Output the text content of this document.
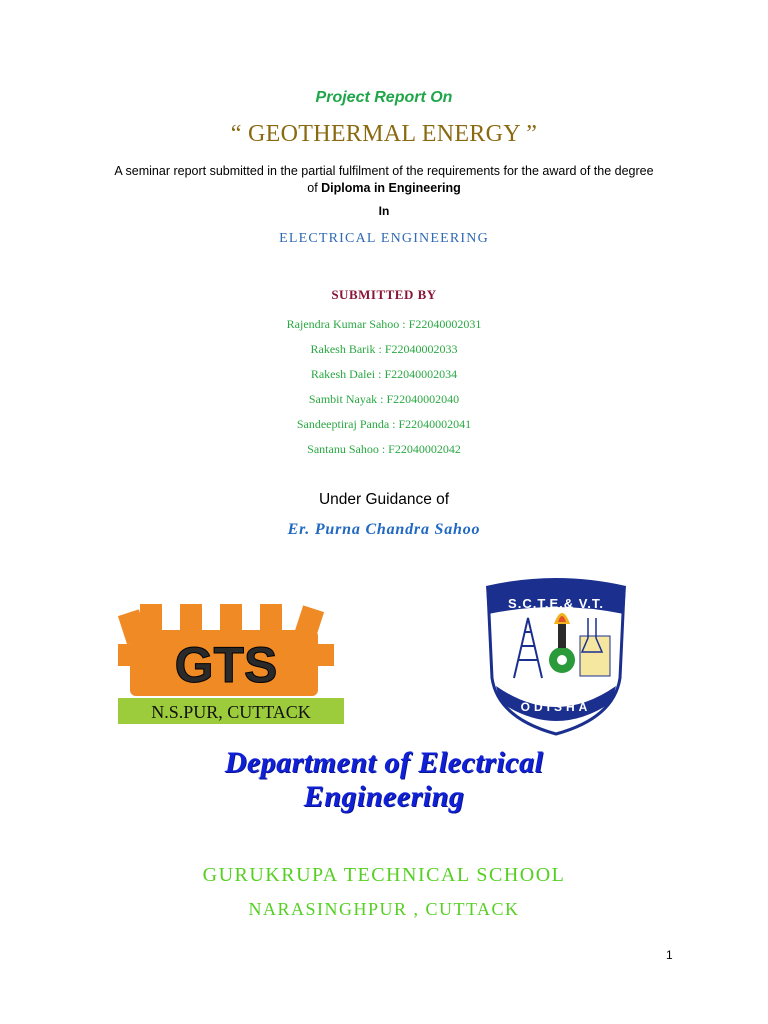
Project Report On
“ GEOTHERMAL ENERGY ”
A seminar report submitted in the partial fulfilment of the requirements for the award of the degree
of Diploma in Engineering
In
ELECTRICAL ENGINEERING
SUBMITTED BY
Rajendra Kumar Sahoo : F22040002031
Rakesh Barik : F22040002033
Rakesh Dalei : F22040002034
Sambit Nayak : F22040002040
Sandeeptiraj Panda : F22040002041
Santanu Sahoo : F22040002042
Under Guidance of
Er. Purna Chandra Sahoo
GTS
N.S.PUR, CUTTACK
S.C.T.E.& V.T.
ODISHA
Department of Electrical
Engineering
GURUKRUPA TECHNICAL SCHOOL
NARASINGHPUR , CUTTACK
1
